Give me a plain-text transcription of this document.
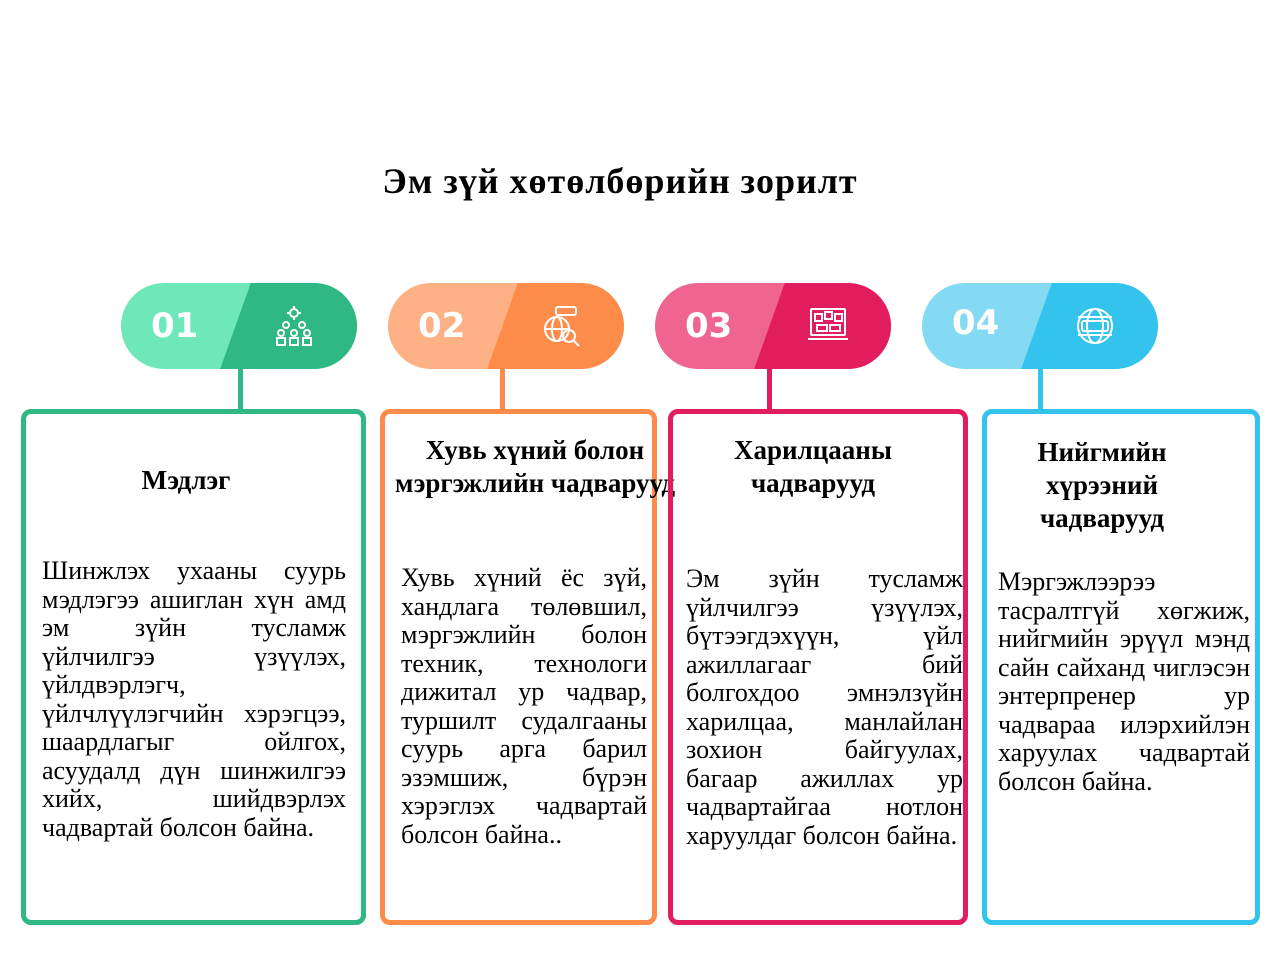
Эм зүй хөтөлбөрийн зорилт
01
Мэдлэг
Шинжлэх ухааны суурь мэдлэгээ ашиглан хүн амд эм зүйн тусламж үйлчилгээ үзүүлэх, үйлдвэрлэгч, үйлчлүүлэгчийн хэрэгцээ, шаардлагыг ойлгох, асуудалд дүн шинжилгээ хийх, шийдвэрлэх чадвартай болсон байна.
02
Хувь хүний болон мэргэжлийн чадварууд
Хувь хүний ёс зүй, хандлага төлөвшил, мэргэжлийн болон техник, технологи дижитал ур чадвар, туршилт судалгааны суурь арга барил эзэмшиж, бүрэн хэрэглэх чадвартай болсон байна..
03
Харилцааны чадварууд
Эм зүйн тусламж үйлчилгээ үзүүлэх, бүтээгдэхүүн, үйл ажиллагааг бий болгохдоо эмнэлзүйн харилцаа, манлайлан зохион байгуулах, багаар ажиллах ур чадвартайгаа нотлон харуулдаг болсон байна.
04
Нийгмийн хүрээний чадварууд
Мэргэжлээрээ тасралтгүй хөгжиж, нийгмийн эрүүл мэнд сайн сайханд чиглэсэн энтерпренер ур чадвараа илэрхийлэн харуулах чадвартай болсон байна.
